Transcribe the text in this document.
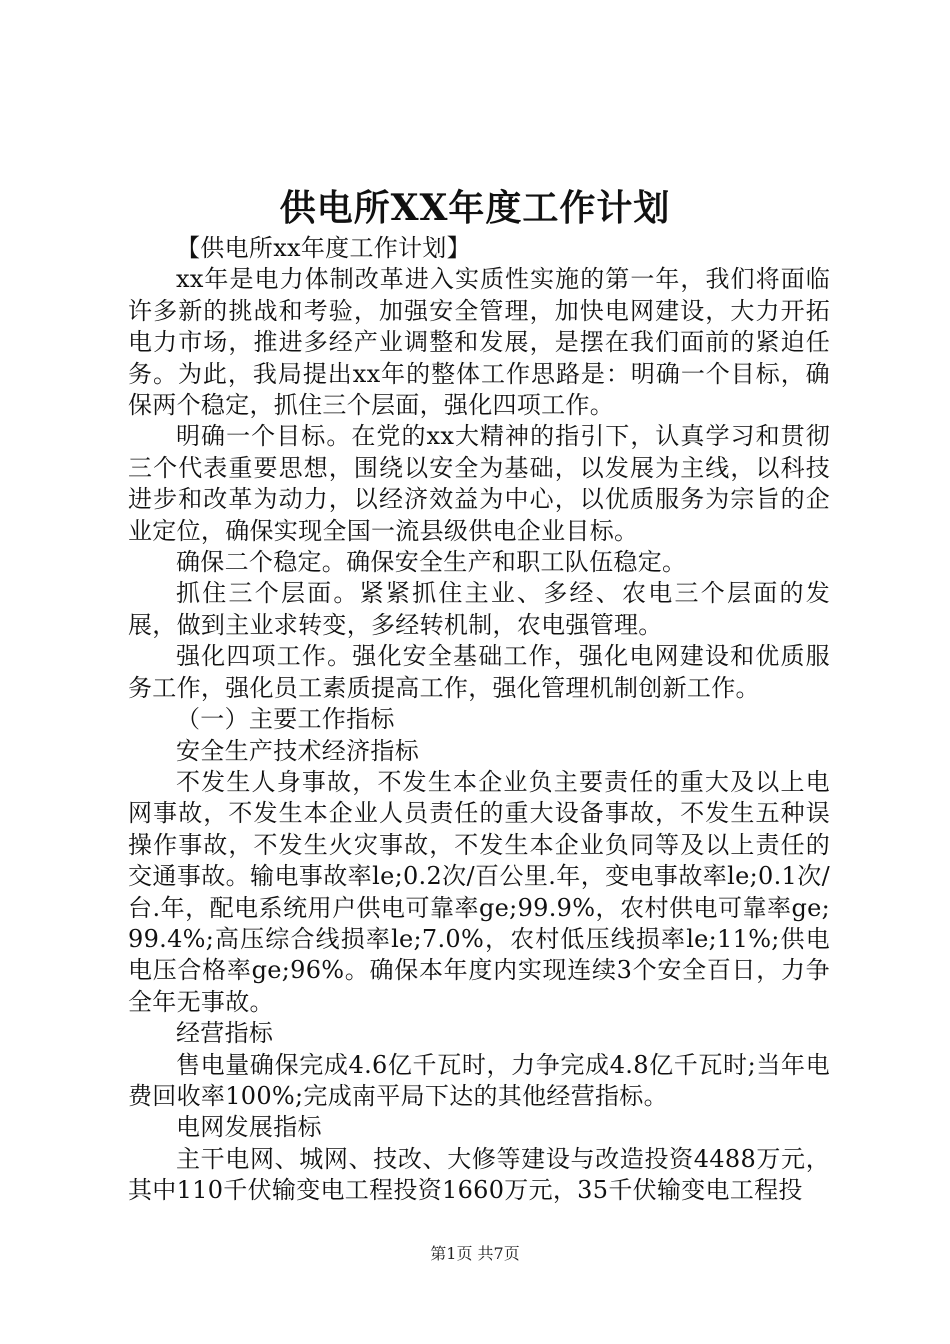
供电所XX年度工作计划

【供电所xx年度工作计划】

xx年是电力体制改革进入实质性实施的第一年，我们将面临许多新的挑战和考验，加强安全管理，加快电网建设，大力开拓电力市场，推进多经产业调整和发展，是摆在我们面前的紧迫任务。为此，我局提出xx年的整体工作思路是：明确一个目标，确保两个稳定，抓住三个层面，强化四项工作。

明确一个目标。在党的xx大精神的指引下，认真学习和贯彻三个代表重要思想，围绕以安全为基础，以发展为主线，以科技进步和改革为动力，以经济效益为中心，以优质服务为宗旨的企业定位，确保实现全国一流县级供电企业目标。

确保二个稳定。确保安全生产和职工队伍稳定。

抓住三个层面。紧紧抓住主业、多经、农电三个层面的发展，做到主业求转变，多经转机制，农电强管理。

强化四项工作。强化安全基础工作，强化电网建设和优质服务工作，强化员工素质提高工作，强化管理机制创新工作。

（一）主要工作指标

安全生产技术经济指标

不发生人身事故，不发生本企业负主要责任的重大及以上电网事故，不发生本企业人员责任的重大设备事故，不发生五种误操作事故，不发生火灾事故，不发生本企业负同等及以上责任的交通事故。输电事故率le;0.2次/百公里.年，变电事故率le;0.1次/台.年，配电系统用户供电可靠率ge;99.9%，农村供电可靠率ge;99.4%;高压综合线损率le;7.0%，农村低压线损率le;11%;供电电压合格率ge;96%。确保本年度内实现连续3个安全百日，力争全年无事故。

经营指标

售电量确保完成4.6亿千瓦时，力争完成4.8亿千瓦时;当年电费回收率100%;完成南平局下达的其他经营指标。

电网发展指标

主干电网、城网、技改、大修等建设与改造投资4488万元，其中110千伏输变电工程投资1660万元，35千伏输变电工程投

第1页 共7页
